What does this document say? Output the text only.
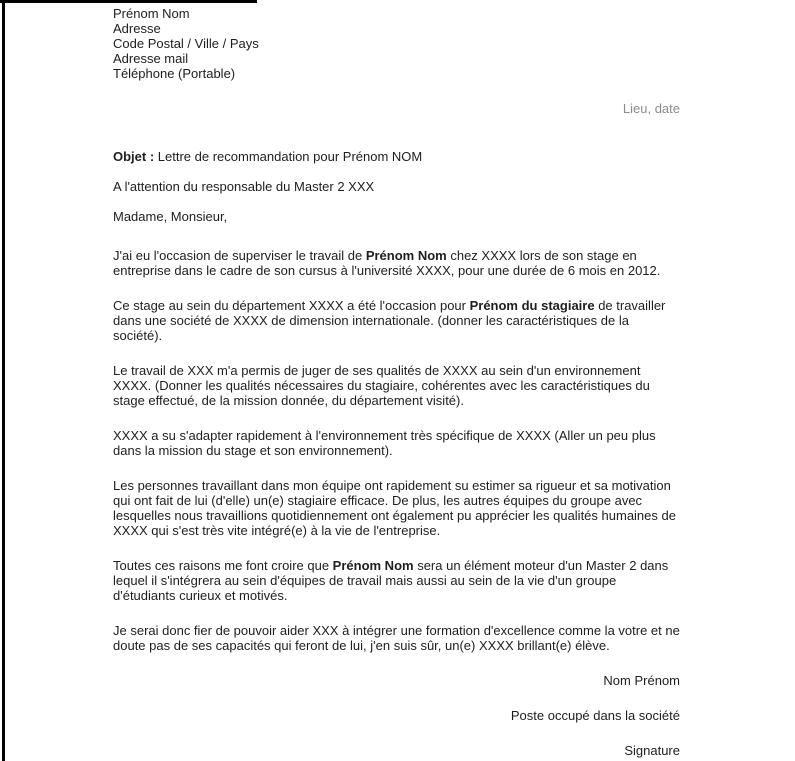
Prénom Nom
Adresse
Code Postal / Ville / Pays
Adresse mail
Téléphone (Portable)
Lieu, date

Objet : Lettre de recommandation pour Prénom NOM

A l'attention du responsable du Master 2 XXX
Madame, Monsieur,

J'ai eu l'occasion de superviser le travail de Prénom Nom chez XXXX lors de son stage en entreprise dans le cadre de son cursus à l'université XXXX, pour une durée de 6 mois en 2012.

Ce stage au sein du département XXXX a été l'occasion pour Prénom du stagiaire de travailler dans une société de XXXX de dimension internationale. (donner les caractéristiques de la société).

Le travail de XXX m'a permis de juger de ses qualités de XXXX au sein d'un environnement XXXX. (Donner les qualités nécessaires du stagiaire, cohérentes avec les caractéristiques du stage effectué, de la mission donnée, du département visité).

XXXX a su s'adapter rapidement à l'environnement très spécifique de XXXX (Aller un peu plus dans la mission du stage et son environnement).

Les personnes travaillant dans mon équipe ont rapidement su estimer sa rigueur et sa motivation qui ont fait de lui (d'elle) un(e) stagiaire efficace. De plus, les autres équipes du groupe avec lesquelles nous travaillions quotidiennement ont également pu apprécier les qualités humaines de XXXX qui s'est très vite intégré(e) à la vie de l'entreprise.

Toutes ces raisons me font croire que Prénom Nom sera un élément moteur d'un Master 2 dans lequel il s'intégrera au sein d'équipes de travail mais aussi au sein de la vie d'un groupe d'étudiants curieux et motivés.

Je serai donc fier de pouvoir aider XXX à intégrer une formation d'excellence comme la votre et ne doute pas de ses capacités qui feront de lui, j'en suis sûr, un(e) XXXX brillant(e) élève.

Nom Prénom
Poste occupé dans la société
Signature
